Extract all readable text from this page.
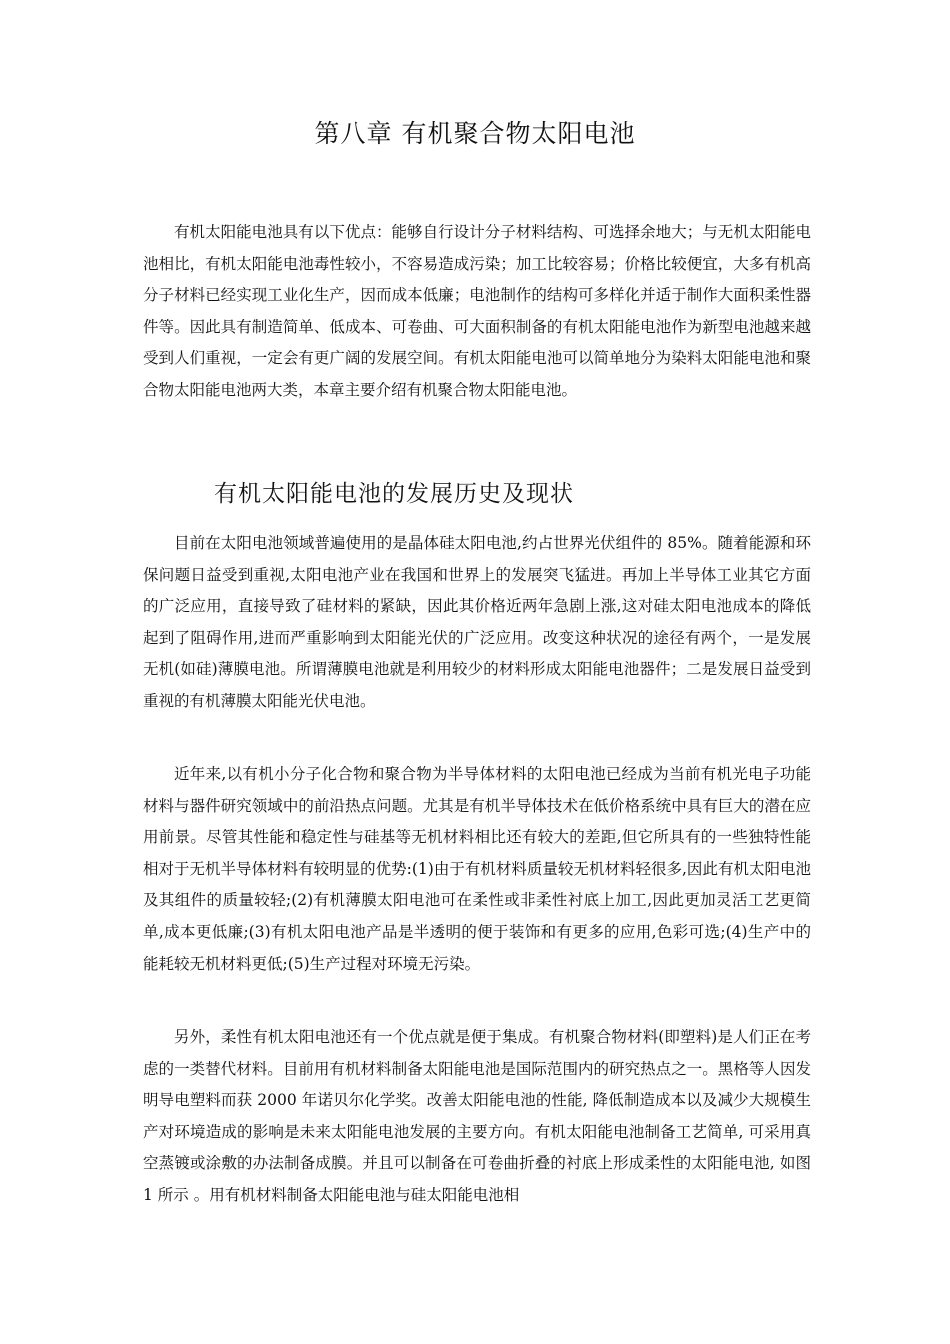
第八章 有机聚合物太阳电池

有机太阳能电池具有以下优点：能够自行设计分子材料结构、可选择余地大；与无机太阳能电池相比，有机太阳能电池毒性较小，不容易造成污染；加工比较容易；价格比较便宜，大多有机高分子材料已经实现工业化生产，因而成本低廉；电池制作的结构可多样化并适于制作大面积柔性器件等。因此具有制造简单、低成本、可卷曲、可大面积制备的有机太阳能电池作为新型电池越来越受到人们重视，一定会有更广阔的发展空间。有机太阳能电池可以简单地分为染料太阳能电池和聚合物太阳能电池两大类，本章主要介绍有机聚合物太阳能电池。

有机太阳能电池的发展历史及现状

目前在太阳电池领域普遍使用的是晶体硅太阳电池,约占世界光伏组件的 85%。随着能源和环保问题日益受到重视,太阳电池产业在我国和世界上的发展突飞猛进。再加上半导体工业其它方面的广泛应用，直接导致了硅材料的紧缺，因此其价格近两年急剧上涨,这对硅太阳电池成本的降低起到了阻碍作用,进而严重影响到太阳能光伏的广泛应用。改变这种状况的途径有两个，一是发展无机(如硅)薄膜电池。所谓薄膜电池就是利用较少的材料形成太阳能电池器件；二是发展日益受到重视的有机薄膜太阳能光伏电池。

近年来,以有机小分子化合物和聚合物为半导体材料的太阳电池已经成为当前有机光电子功能材料与器件研究领域中的前沿热点问题。尤其是有机半导体技术在低价格系统中具有巨大的潜在应用前景。尽管其性能和稳定性与硅基等无机材料相比还有较大的差距,但它所具有的一些独特性能相对于无机半导体材料有较明显的优势:(1)由于有机材料质量较无机材料轻很多,因此有机太阳电池及其组件的质量较轻;(2)有机薄膜太阳电池可在柔性或非柔性衬底上加工,因此更加灵活工艺更简单,成本更低廉;(3)有机太阳电池产品是半透明的便于装饰和有更多的应用,色彩可选;(4)生产中的能耗较无机材料更低;(5)生产过程对环境无污染。

另外，柔性有机太阳电池还有一个优点就是便于集成。有机聚合物材料(即塑料)是人们正在考虑的一类替代材料。目前用有机材料制备太阳能电池是国际范围内的研究热点之一。黑格等人因发明导电塑料而获 2000 年诺贝尔化学奖。改善太阳能电池的性能, 降低制造成本以及减少大规模生产对环境造成的影响是未来太阳能电池发展的主要方向。有机太阳能电池制备工艺简单, 可采用真空蒸镀或涂敷的办法制备成膜。并且可以制备在可卷曲折叠的衬底上形成柔性的太阳能电池, 如图 1 所示 。用有机材料制备太阳能电池与硅太阳能电池相
